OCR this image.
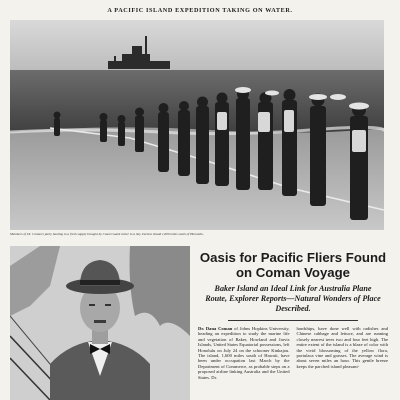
A PACIFIC ISLAND EXPEDITION TAKING ON WATER.
Members of Dr. Coman's party hauling in a fresh supply brought by Coast Guard cutter to a tiny treeless island 1,600 miles south of Honolulu.
Oasis for Pacific Fliers Found on Coman Voyage
Baker Island an Ideal Link for Australia Plane Route, Explorer Reports—Natural Wonders of Place Described.
Dr. Dana Coman of Johns Hopkins University, heading an expedition to study the marine life and vegetation of Baker, Howland and Jarvis Islands, United States Equatorial possessions, left Honolulu on July 24 on the schooner Kinkajou. The island, 1,600 miles south of Hawaii, have been under occupation last March by the Department of Commerce, as probable steps on a proposed airline linking Australia and the United States. Dr.
hardships, have done well with radishes and Chinese cabbage and lettuce, and are running closely nearest trees two and four feet high. The entire extent of the island is a blaze of color with the vivid blossoming of the yellow flora, portulaca vine and grasses. The average wind is about seven miles an hour. This gentle breeze keeps the parched island pleasant-
